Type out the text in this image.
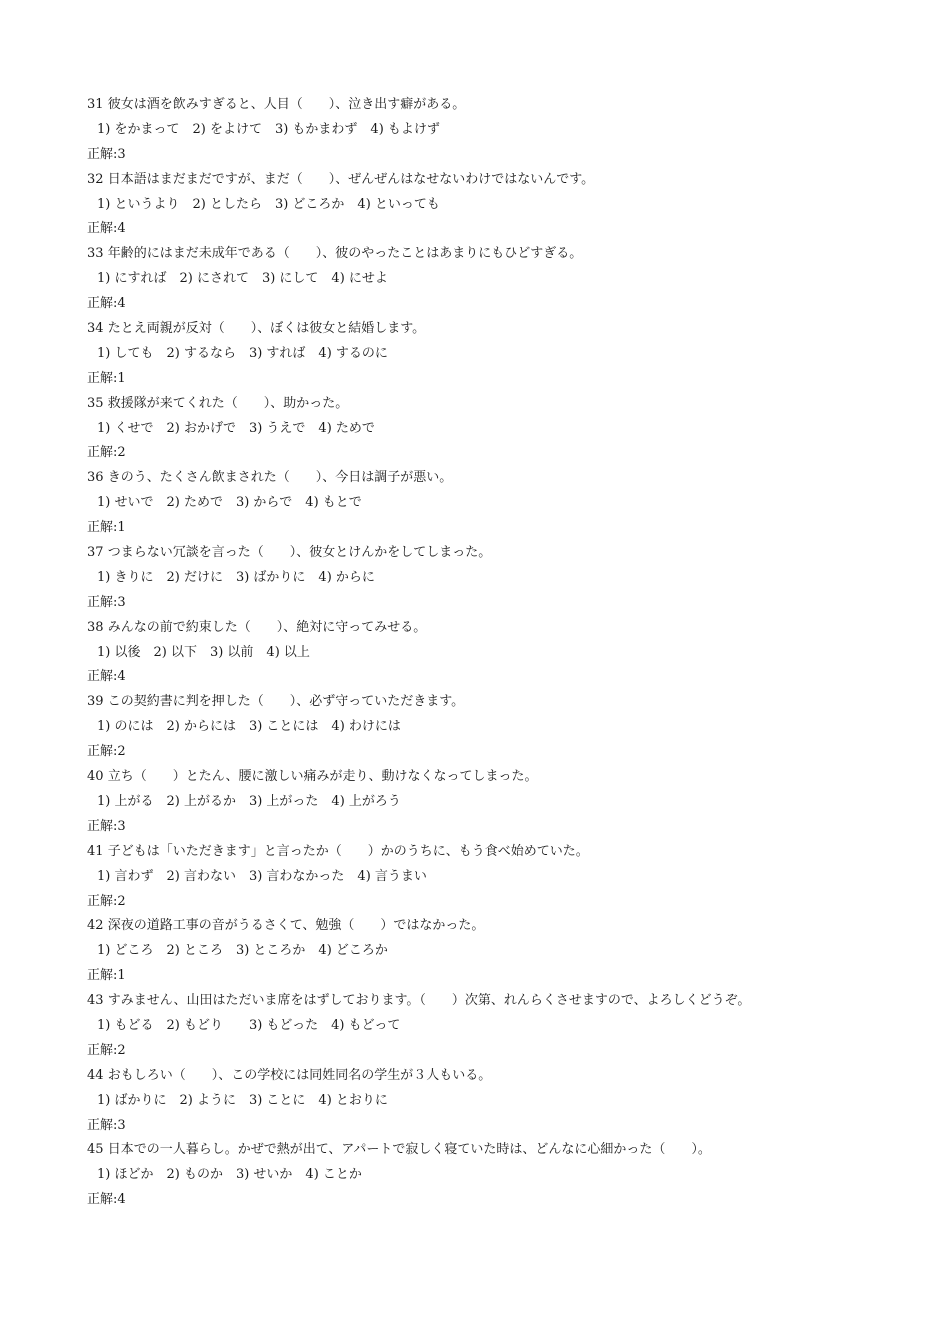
31 彼女は酒を飲みすぎると、人目（　　）、泣き出す癖がある。
1) をかまって　2) をよけて　3) もかまわず　4) もよけず
正解:3
32 日本語はまだまだですが、まだ（　　）、ぜんぜんはなせないわけではないんです。
1) というより　2) としたら　3) どころか　4) といっても
正解:4
33 年齢的にはまだ未成年である（　　）、彼のやったことはあまりにもひどすぎる。
1) にすれば　2) にされて　3) にして　4) にせよ
正解:4
34 たとえ両親が反対（　　）、ぼくは彼女と結婚します。
1) しても　2) するなら　3) すれば　4) するのに
正解:1
35 救援隊が来てくれた（　　）、助かった。
1) くせで　2) おかげで　3) うえで　4) ためで
正解:2
36 きのう、たくさん飲まされた（　　）、今日は調子が悪い。
1) せいで　2) ためで　3) からで　4) もとで
正解:1
37 つまらない冗談を言った（　　）、彼女とけんかをしてしまった。
1) きりに　2) だけに　3) ばかりに　4) からに
正解:3
38 みんなの前で約束した（　　）、絶対に守ってみせる。
1) 以後　2) 以下　3) 以前　4) 以上
正解:4
39 この契約書に判を押した（　　）、必ず守っていただきます。
1) のには　2) からには　3) ことには　4) わけには
正解:2
40 立ち（　　）とたん、腰に激しい痛みが走り、動けなくなってしまった。
1) 上がる　2) 上がるか　3) 上がった　4) 上がろう
正解:3
41 子どもは「いただきます」と言ったか（　　）かのうちに、もう食べ始めていた。
1) 言わず　2) 言わない　3) 言わなかった　4) 言うまい
正解:2
42 深夜の道路工事の音がうるさくて、勉強（　　）ではなかった。
1) どころ　2) ところ　3) ところか　4) どころか
正解:1
43 すみません、山田はただいま席をはずしております。（　　）次第、れんらくさせますので、よろしくどうぞ。
1) もどる　2) もどり　　3) もどった　4) もどって
正解:2
44 おもしろい（　　）、この学校には同姓同名の学生が３人もいる。
1) ばかりに　2) ように　3) ことに　4) とおりに
正解:3
45 日本での一人暮らし。かぜで熱が出て、アパートで寂しく寝ていた時は、どんなに心細かった（　　）。
1) ほどか　2) ものか　3) せいか　4) ことか
正解:4
